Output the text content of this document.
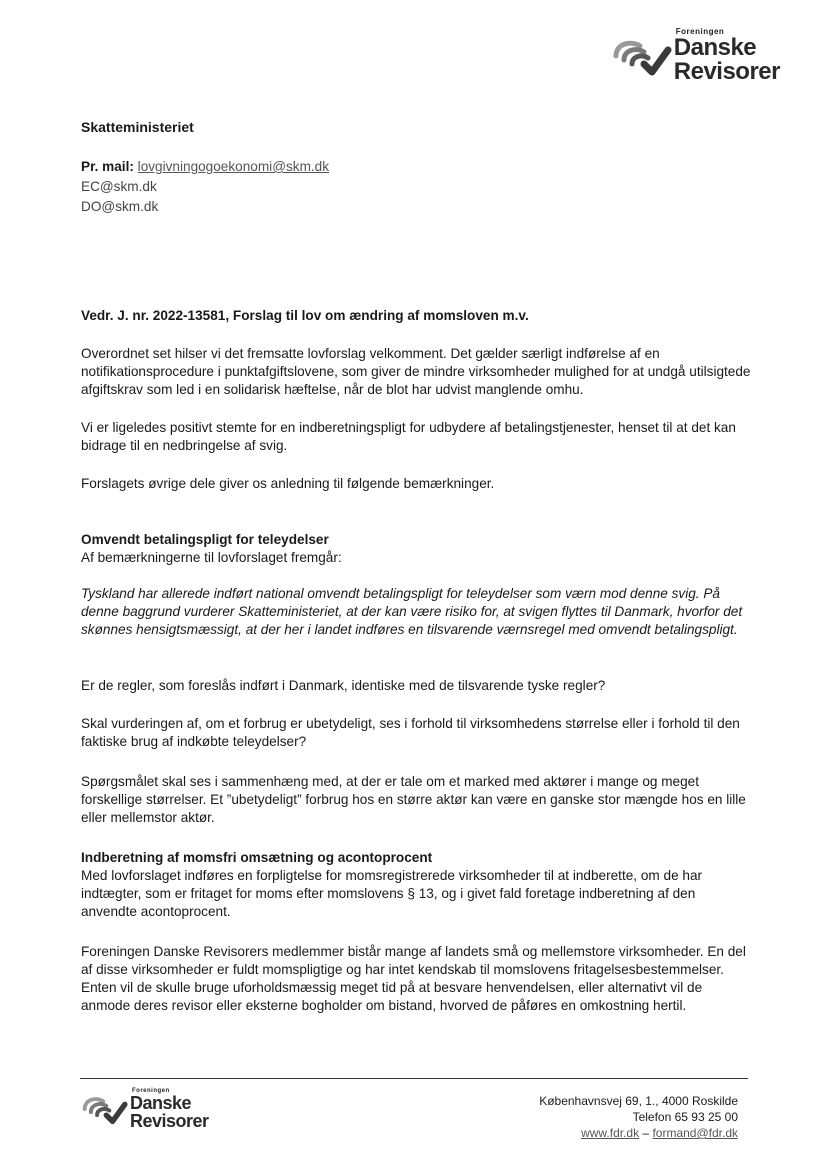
Foreningen
Danske
Revisorer
Skatteministeriet
Pr. mail: lovgivningogoekonomi@skm.dk
EC@skm.dk
DO@skm.dk
Vedr. J. nr. 2022-13581, Forslag til lov om ændring af momsloven m.v.

Overordnet set hilser vi det fremsatte lovforslag velkomment. Det gælder særligt indførelse af en notifikationsprocedure i punktafgiftslovene, som giver de mindre virksomheder mulighed for at undgå utilsigtede afgiftskrav som led i en solidarisk hæftelse, når de blot har udvist manglende omhu.

Vi er ligeledes positivt stemte for en indberetningspligt for udbydere af betalingstjenester, henset til at det kan bidrage til en nedbringelse af svig.

Forslagets øvrige dele giver os anledning til følgende bemærkninger.

Omvendt betalingspligt for teleydelser

Af bemærkningerne til lovforslaget fremgår:

Tyskland har allerede indført national omvendt betalingspligt for teleydelser som værn mod denne svig. På denne baggrund vurderer Skatteministeriet, at der kan være risiko for, at svigen flyttes til Danmark, hvorfor det skønnes hensigtsmæssigt, at der her i landet indføres en tilsvarende værnsregel med omvendt betalingspligt.

Er de regler, som foreslås indført i Danmark, identiske med de tilsvarende tyske regler?

Skal vurderingen af, om et forbrug er ubetydeligt, ses i forhold til virksomhedens størrelse eller i forhold til den faktiske brug af indkøbte teleydelser?

Spørgsmålet skal ses i sammenhæng med, at der er tale om et marked med aktører i mange og meget forskellige størrelser. Et ”ubetydeligt” forbrug hos en større aktør kan være en ganske stor mængde hos en lille eller mellemstor aktør.

Indberetning af momsfri omsætning og acontoprocent

Med lovforslaget indføres en forpligtelse for momsregistrerede virksomheder til at indberette, om de har indtægter, som er fritaget for moms efter momslovens § 13, og i givet fald foretage indberetning af den anvendte acontoprocent.

Foreningen Danske Revisorers medlemmer bistår mange af landets små og mellemstore virksomheder. En del af disse virksomheder er fuldt momspligtige og har intet kendskab til momslovens fritagelsesbestemmelser. Enten vil de skulle bruge uforholdsmæssig meget tid på at besvare henvendelsen, eller alternativt vil de anmode deres revisor eller eksterne bogholder om bistand, hvorved de påføres en omkostning hertil.

Foreningen
Danske
Revisorer
Københavnsvej 69, 1., 4000 Roskilde
Telefon 65 93 25 00
www.fdr.dk – formand@fdr.dk
